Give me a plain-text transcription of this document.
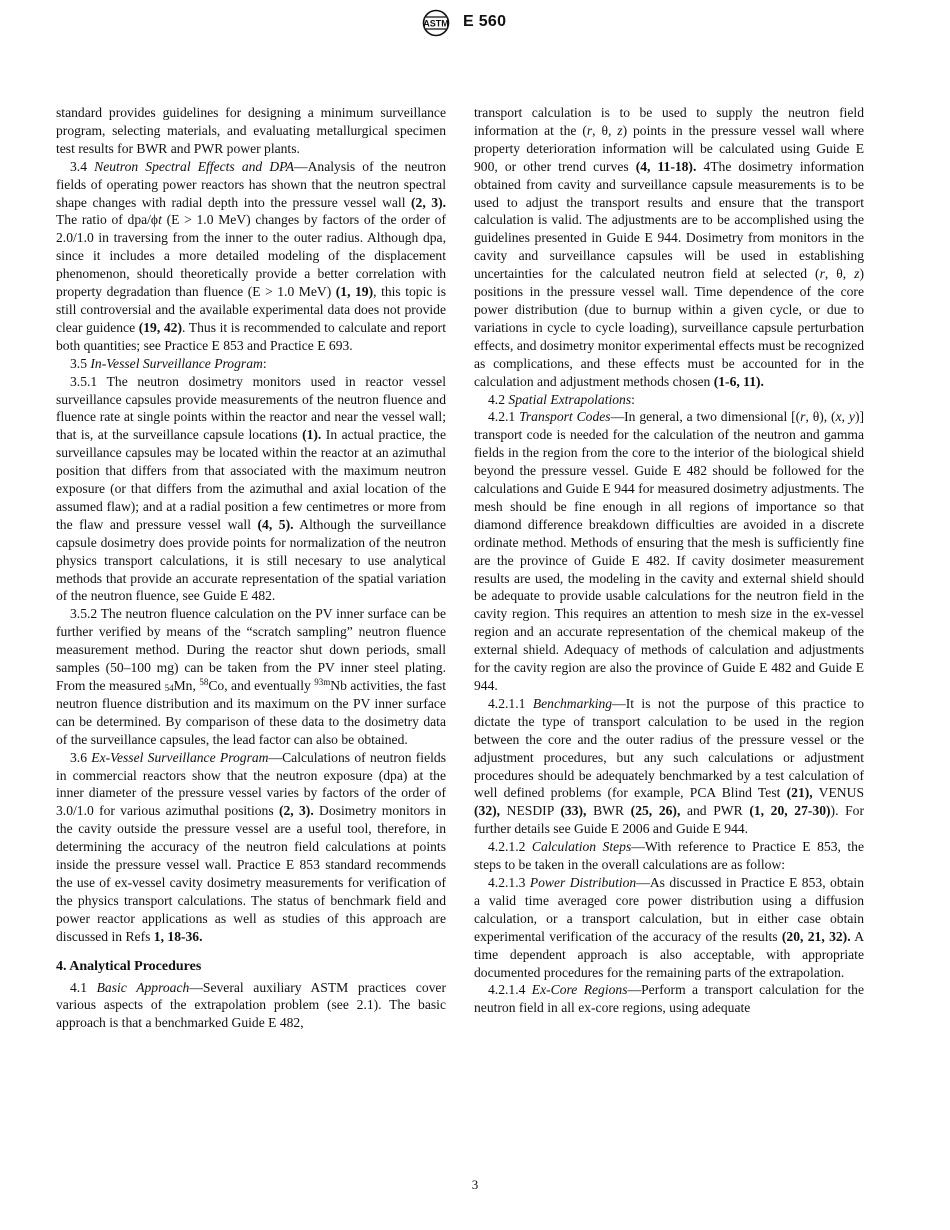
ASTM E 560

standard provides guidelines for designing a minimum surveillance program, selecting materials, and evaluating metallurgical specimen test results for BWR and PWR power plants.

3.4 Neutron Spectral Effects and DPA—Analysis of the neutron fields of operating power reactors has shown that the neutron spectral shape changes with radial depth into the pressure vessel wall (2, 3). The ratio of dpa/ϕt (E > 1.0 MeV) changes by factors of the order of 2.0/1.0 in traversing from the inner to the outer radius. Although dpa, since it includes a more detailed modeling of the displacement phenomenon, should theoretically provide a better correlation with property degradation than fluence (E > 1.0 MeV) (1, 19), this topic is still controversial and the available experimental data does not provide clear guidence (19, 42). Thus it is recommended to calculate and report both quantities; see Practice E 853 and Practice E 693.

3.5 In-Vessel Surveillance Program:

3.5.1 The neutron dosimetry monitors used in reactor vessel surveillance capsules provide measurements of the neutron fluence and fluence rate at single points within the reactor and near the vessel wall; that is, at the surveillance capsule locations (1). In actual practice, the surveillance capsules may be located within the reactor at an azimuthal position that differs from that associated with the maximum neutron exposure (or that differs from the azimuthal and axial location of the assumed flaw); and at a radial position a few centimetres or more from the flaw and pressure vessel wall (4, 5). Although the surveillance capsule dosimetry does provide points for normalization of the neutron physics transport calculations, it is still necesary to use analytical methods that provide an accurate representation of the spatial variation of the neutron fluence, see Guide E 482.

3.5.2 The neutron fluence calculation on the PV inner surface can be further verified by means of the “scratch sampling” neutron fluence measurement method. During the reactor shut down periods, small samples (50–100 mg) can be taken from the PV inner steel plating. From the measured 54Mn, $^{58}$Co, and eventually $^{93m}$Nb activities, the fast neutron fluence distribution and its maximum on the PV inner surface can be determined. By comparison of these data to the dosimetry data of the surveillance capsules, the lead factor can also be obtained.

3.6 Ex-Vessel Surveillance Program—Calculations of neutron fields in commercial reactors show that the neutron exposure (dpa) at the inner diameter of the pressure vessel varies by factors of the order of 3.0/1.0 for various azimuthal positions (2, 3). Dosimetry monitors in the cavity outside the pressure vessel are a useful tool, therefore, in determining the accuracy of the neutron field calculations at points inside the pressure vessel wall. Practice E 853 standard recommends the use of ex-vessel cavity dosimetry measurements for verification of the physics transport calculations. The status of benchmark field and power reactor applications as well as studies of this approach are discussed in Refs 1, 18-36.

4. Analytical Procedures

4.1 Basic Approach—Several auxiliary ASTM practices cover various aspects of the extrapolation problem (see 2.1). The basic approach is that a benchmarked Guide E 482,

transport calculation is to be used to supply the neutron field information at the (r, θ, z) points in the pressure vessel wall where property deterioration information will be calculated using Guide E 900, or other trend curves (4, 11-18). 4The dosimetry information obtained from cavity and surveillance capsule measurements is to be used to adjust the transport results and ensure that the transport calculation is valid. The adjustments are to be accomplished using the guidelines presented in Guide E 944. Dosimetry from monitors in the cavity and surveillance capsules will be used in establishing uncertainties for the calculated neutron field at selected (r, θ, z) positions in the pressure vessel wall. Time dependence of the core power distribution (due to burnup within a given cycle, or due to variations in cycle to cycle loading), surveillance capsule perturbation effects, and dosimetry monitor experimental effects must be recognized as complications, and these effects must be accounted for in the calculation and adjustment methods chosen (1-6, 11).

4.2 Spatial Extrapolations:

4.2.1 Transport Codes—In general, a two dimensional [(r, θ), (x, y)] transport code is needed for the calculation of the neutron and gamma fields in the region from the core to the interior of the biological shield beyond the pressure vessel. Guide E 482 should be followed for the calculations and Guide E 944 for measured dosimetry adjustments. The mesh should be fine enough in all regions of importance so that diamond difference breakdown difficulties are avoided in a discrete ordinate method. Methods of ensuring that the mesh is sufficiently fine are the province of Guide E 482. If cavity dosimeter measurement results are used, the modeling in the cavity and external shield should be adequate to provide usable calculations for the neutron field in the cavity region. This requires an attention to mesh size in the ex-vessel region and an accurate representation of the chemical makeup of the external shield. Adequacy of methods of calculation and adjustments for the cavity region are also the province of Guide E 482 and Guide E 944.

4.2.1.1 Benchmarking—It is not the purpose of this practice to dictate the type of transport calculation to be used in the region between the core and the outer radius of the pressure vessel or the adjustment procedures, but any such calculations or adjustment procedures should be adequately benchmarked by a test calculation of well defined problems (for example, PCA Blind Test (21), VENUS (32), NESDIP (33), BWR (25, 26), and PWR (1, 20, 27-30)). For further details see Guide E 2006 and Guide E 944.

4.2.1.2 Calculation Steps—With reference to Practice E 853, the steps to be taken in the overall calculations are as follow:

4.2.1.3 Power Distribution—As discussed in Practice E 853, obtain a valid time averaged core power distribution using a diffusion calculation, or a transport calculation, but in either case obtain experimental verification of the accuracy of the results (20, 21, 32). A time dependent approach is also acceptable, with appropriate documented procedures for the remaining parts of the extrapolation.

4.2.1.4 Ex-Core Regions—Perform a transport calculation for the neutron field in all ex-core regions, using adequate

3
